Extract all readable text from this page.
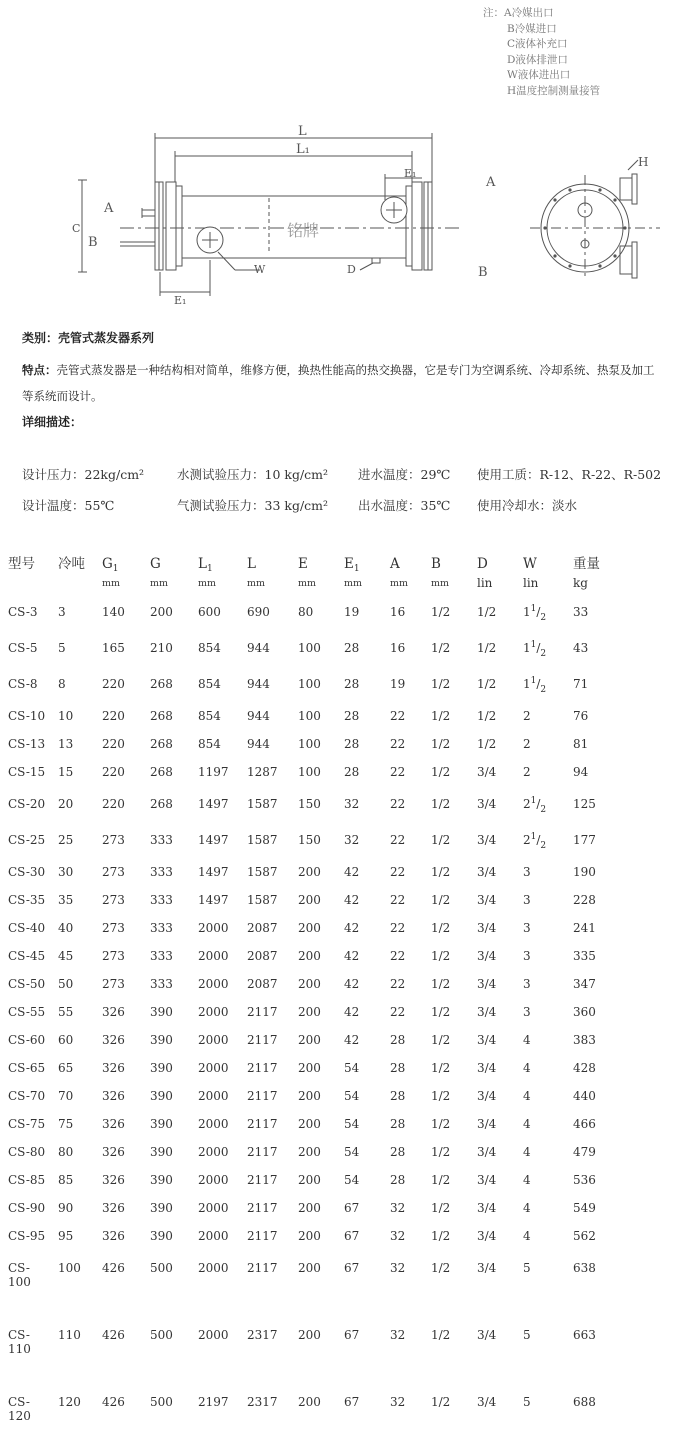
注：A冷媒出口
B冷媒进口
C液体补充口
D液体排泄口
W液体进出口
H温度控制测量接管
L
L₁
E₁
A
B
C
D
W
E₁
铭牌
A
B
H
类别：壳管式蒸发器系列
特点：壳管式蒸发器是一种结构相对简单，维修方便，换热性能高的热交换器，它是专门为空调系统、冷却系统、热泵及加工
等系统而设计。
详细描述：
设计压力：22kg/cm²	水测试验压力：10 kg/cm² 进水温度：29℃ 使用工质：R-12、R-22、R-502
设计温度：55℃	气测试验压力：33 kg/cm² 出水温度：35℃ 使用冷却水：淡水
型号	冷吨	$G_1$	G	$L_1$	L	E	$E_1$	A	B	D	W	重量
		mm	mm	mm	mm	mm	mm	mm	mm	lin	lin	kg
CS-3	3	140	200	600	690	80	19	16	1/2	1/2	$1^1/_2$	33
CS-5	5	165	210	854	944	100	28	16	1/2	1/2	$1^1/_2$	43
CS-8	8	220	268	854	944	100	28	19	1/2	1/2	$1^1/_2$	71
CS-10	10	220	268	854	944	100	28	22	1/2	1/2	2	76
CS-13	13	220	268	854	944	100	28	22	1/2	1/2	2	81
CS-15	15	220	268	1197	1287	100	28	22	1/2	3/4	2	94
CS-20	20	220	268	1497	1587	150	32	22	1/2	3/4	$2^1/_2$	125
CS-25	25	273	333	1497	1587	150	32	22	1/2	3/4	$2^1/_2$	177
CS-30	30	273	333	1497	1587	200	42	22	1/2	3/4	3	190
CS-35	35	273	333	1497	1587	200	42	22	1/2	3/4	3	228
CS-40	40	273	333	2000	2087	200	42	22	1/2	3/4	3	241
CS-45	45	273	333	2000	2087	200	42	22	1/2	3/4	3	335
CS-50	50	273	333	2000	2087	200	42	22	1/2	3/4	3	347
CS-55	55	326	390	2000	2117	200	42	22	1/2	3/4	3	360
CS-60	60	326	390	2000	2117	200	42	28	1/2	3/4	4	383
CS-65	65	326	390	2000	2117	200	54	28	1/2	3/4	4	428
CS-70	70	326	390	2000	2117	200	54	28	1/2	3/4	4	440
CS-75	75	326	390	2000	2117	200	54	28	1/2	3/4	4	466
CS-80	80	326	390	2000	2117	200	54	28	1/2	3/4	4	479
CS-85	85	326	390	2000	2117	200	54	28	1/2	3/4	4	536
CS-90	90	326	390	2000	2117	200	67	32	1/2	3/4	4	549
CS-95	95	326	390	2000	2117	200	67	32	1/2	3/4	4	562
CS-
100	100	426	500	2000	2117	200	67	32	1/2	3/4	5	638
CS-
110	110	426	500	2000	2317	200	67	32	1/2	3/4	5	663
CS-
120	120	426	500	2197	2317	200	67	32	1/2	3/4	5	688
